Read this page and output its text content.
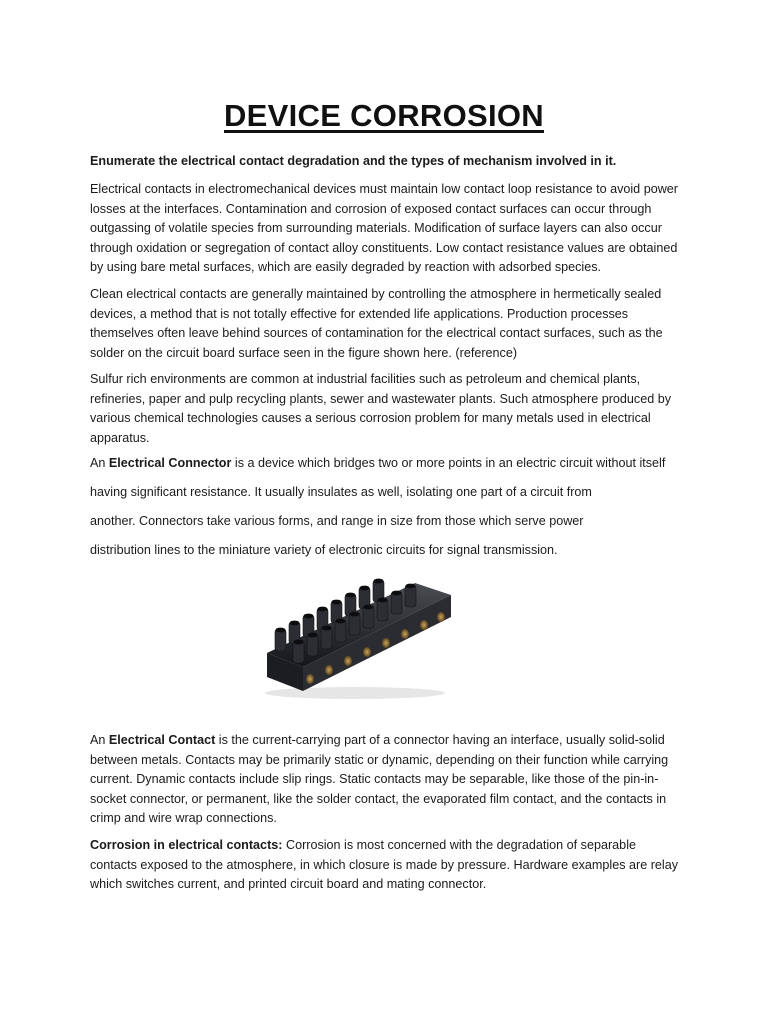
DEVICE CORROSION
Enumerate the electrical contact degradation and the types of mechanism involved in it.
Electrical contacts in electromechanical devices must maintain low contact loop resistance to avoid power losses at the interfaces. Contamination and corrosion of exposed contact surfaces can occur through outgassing of volatile species from surrounding materials. Modification of surface layers can also occur through oxidation or segregation of contact alloy constituents. Low contact resistance values are obtained by using bare metal surfaces, which are easily degraded by reaction with adsorbed species.
Clean electrical contacts are generally maintained by controlling the atmosphere in hermetically sealed devices, a method that is not totally effective for extended life applications. Production processes themselves often leave behind sources of contamination for the electrical contact surfaces, such as the solder on the circuit board surface seen in the figure shown here. (reference)
Sulfur rich environments are common at industrial facilities such as petroleum and chemical plants, refineries, paper and pulp recycling plants, sewer and wastewater plants. Such atmosphere produced by various chemical technologies causes a serious corrosion problem for many metals used in electrical apparatus.
An Electrical Connector is a device which bridges two or more points in an electric circuit without itself
having significant resistance. It usually insulates as well, isolating one part of a circuit from
another. Connectors take various forms, and range in size from those which serve power
distribution lines to the miniature variety of electronic circuits for signal transmission.
An Electrical Contact is the current-carrying part of a connector having an interface, usually solid-solid between metals. Contacts may be primarily static or dynamic, depending on their function while carrying current. Dynamic contacts include slip rings. Static contacts may be separable, like those of the pin-in-socket connector, or permanent, like the solder contact, the evaporated film contact, and the contacts in crimp and wire wrap connections.
Corrosion in electrical contacts: Corrosion is most concerned with the degradation of separable contacts exposed to the atmosphere, in which closure is made by pressure. Hardware examples are relay which switches current, and printed circuit board and mating connector.
